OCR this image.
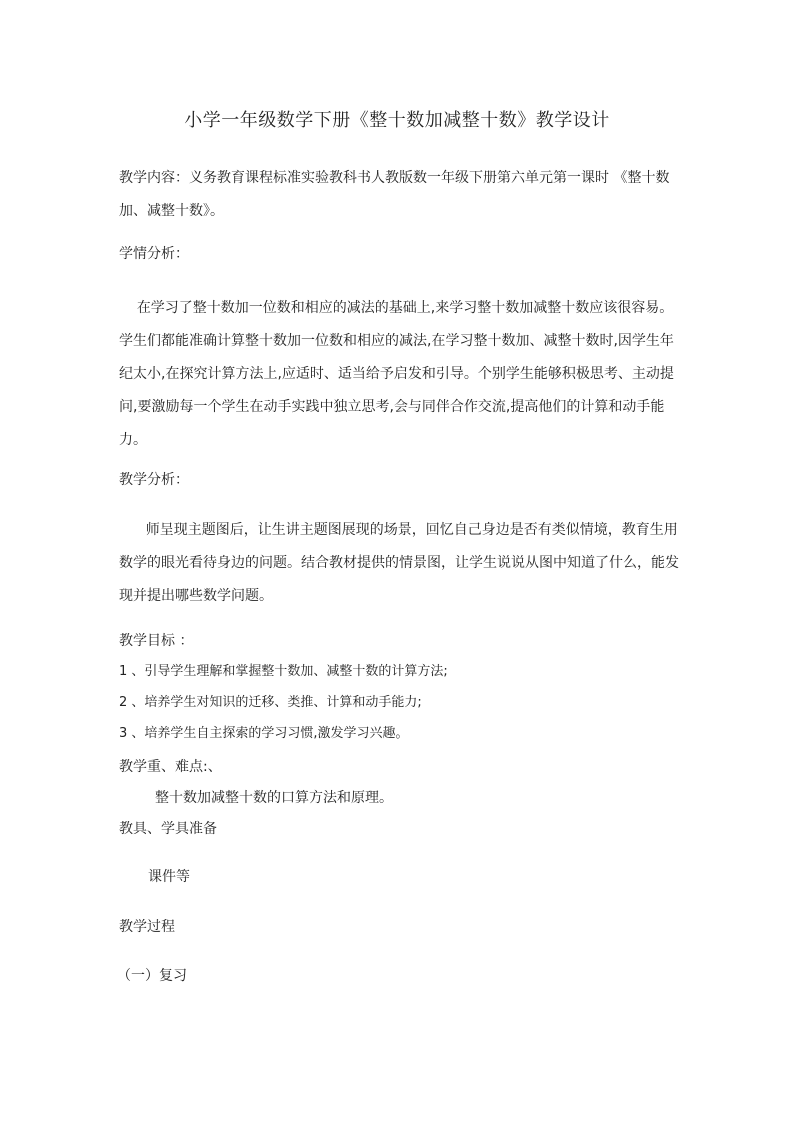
小学一年级数学下册《整十数加减整十数》教学设计
教学内容：义务教育课程标准实验教科书人教版数一年级下册第六单元第一课时 《整十数加、减整十数》。
学情分析：
在学习了整十数加一位数和相应的减法的基础上,来学习整十数加减整十数应该很容易。学生们都能准确计算整十数加一位数和相应的减法,在学习整十数加、减整十数时,因学生年纪太小,在探究计算方法上,应适时、适当给予启发和引导。个别学生能够积极思考、主动提问,要激励每一个学生在动手实践中独立思考,会与同伴合作交流,提高他们的计算和动手能力。
教学分析：
师呈现主题图后，让生讲主题图展现的场景，回忆自己身边是否有类似情境，教育生用数学的眼光看待身边的问题。结合教材提供的情景图，让学生说说从图中知道了什么，能发现并提出哪些数学问题。
教学目标 ：
1 、引导学生理解和掌握整十数加、减整十数的计算方法;
2 、培养学生对知识的迁移、类推、计算和动手能力;
3 、培养学生自主探索的学习习惯,激发学习兴趣。
教学重、难点:、
整十数加减整十数的口算方法和原理。
教具、学具准备
课件等
教学过程
（一）复习
